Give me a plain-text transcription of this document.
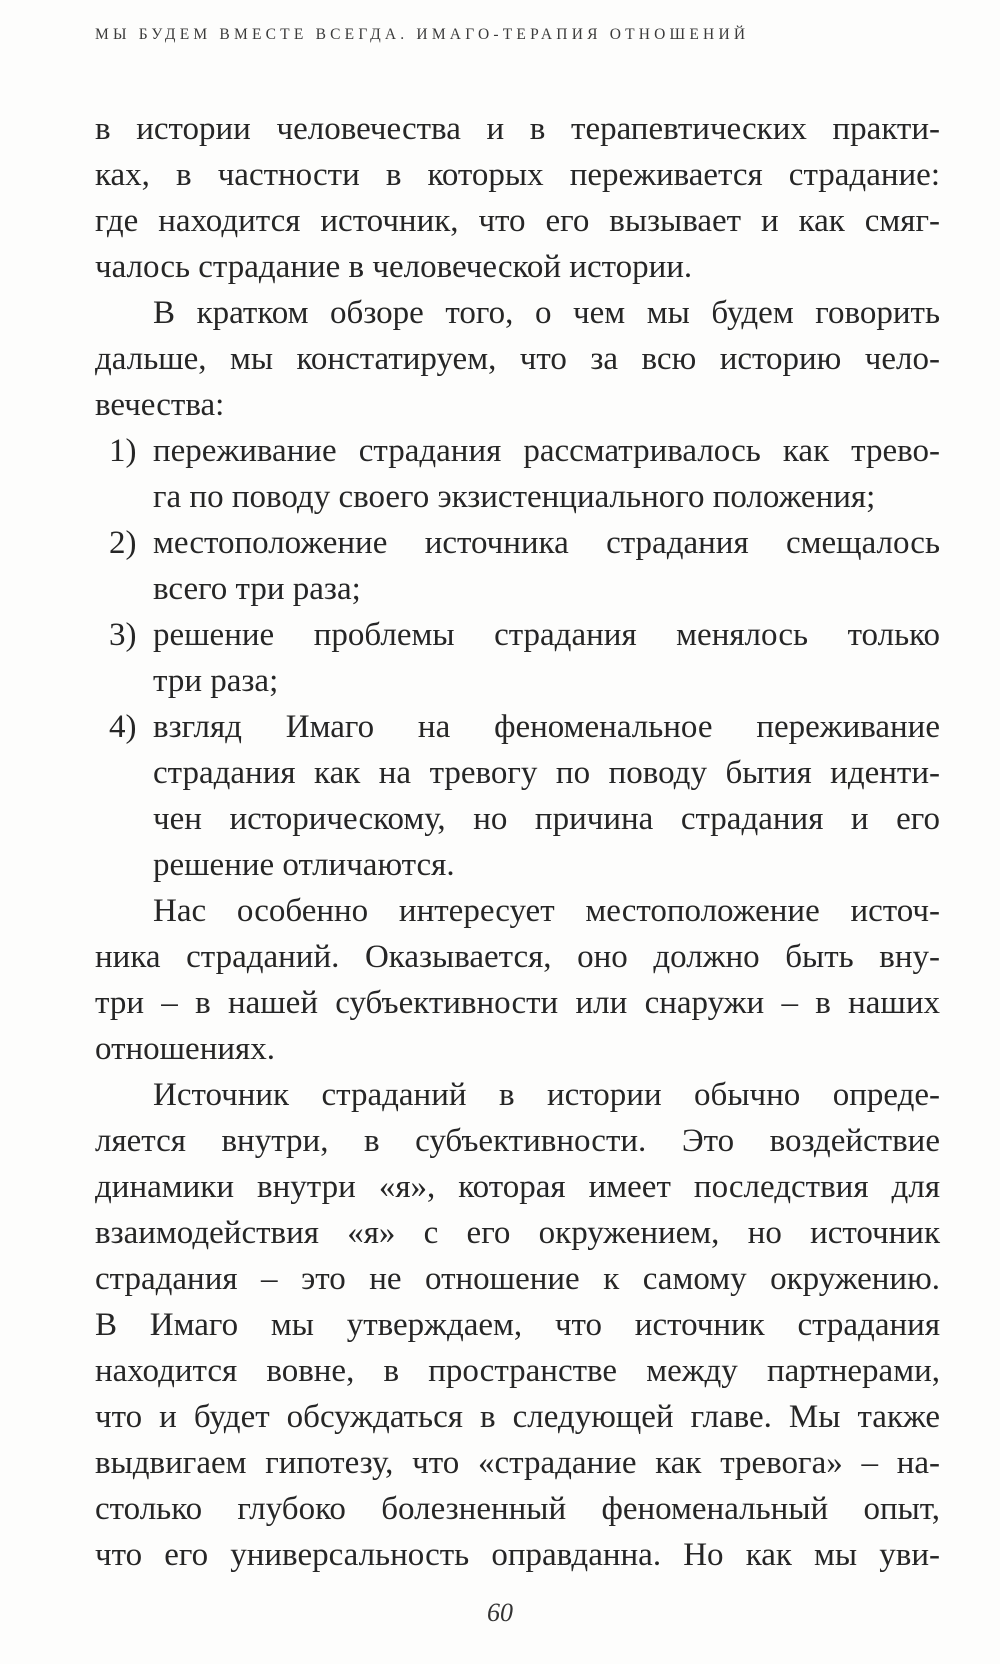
МЫ БУДЕМ ВМЕСТЕ ВСЕГДА. ИМАГО-ТЕРАПИЯ ОТНОШЕНИЙ
в истории человечества и в терапевтических практи-
ках, в частности в которых переживается страдание:
где находится источник, что его вызывает и как смяг-
чалось страдание в человеческой истории.
В кратком обзоре того, о чем мы будем говорить
дальше, мы констатируем, что за всю историю чело-
вечества:
1) переживание страдания рассматривалось как трево-
га по поводу своего экзистенциального положения;
2) местоположение источника страдания смещалось
всего три раза;
3) решение проблемы страдания менялось только
три раза;
4) взгляд Имаго на феноменальное переживание
страдания как на тревогу по поводу бытия иденти-
чен историческому, но причина страдания и его
решение отличаются.
Нас особенно интересует местоположение источ-
ника страданий. Оказывается, оно должно быть вну-
три – в нашей субъективности или снаружи – в наших
отношениях.
Источник страданий в истории обычно опреде-
ляется внутри, в субъективности. Это воздействие
динамики внутри «я», которая имеет последствия для
взаимодействия «я» с его окружением, но источник
страдания – это не отношение к самому окружению.
В Имаго мы утверждаем, что источник страдания
находится вовне, в пространстве между партнерами,
что и будет обсуждаться в следующей главе. Мы также
выдвигаем гипотезу, что «страдание как тревога» – на-
столько глубоко болезненный феноменальный опыт,
что его универсальность оправданна. Но как мы уви-
60
